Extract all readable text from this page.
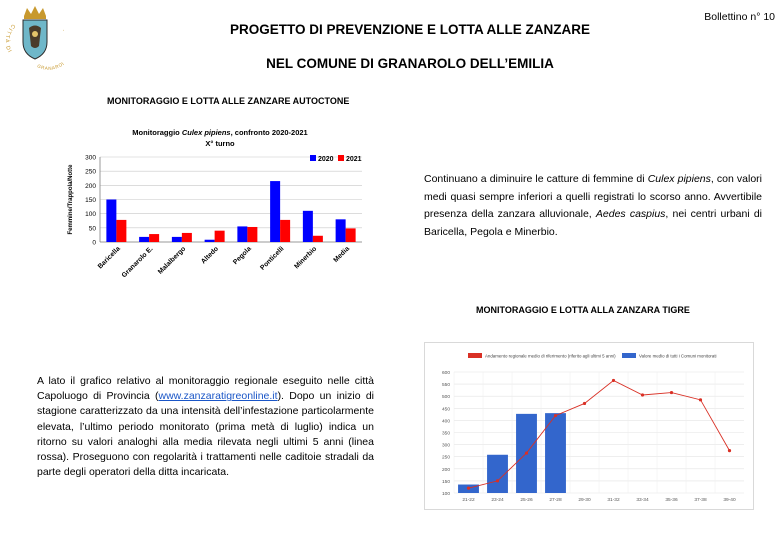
CI I
GRANARO
Bollettino n° 10
PROGETTO DI PREVENZIONE E LOTTA ALLE ZANZARE
NEL COMUNE DI GRANAROLO DELL’EMILIA
MONITORAGGIO E LOTTA ALLE ZANZARE AUTOCTONE
MONITORAGGIO E LOTTA ALLA ZANZARA TIGRE
Monitoraggio Culex pipiens, confronto 2020-2021
X° turno
0
50
100
150
200
250
300
Femmine/Trappola/Notte
Baricella
Granarolo E. Malalbergo Altedo Pegola Ponticelli Minerbio Media
2020 2021
100
150
200
250
300
350
400
450
500
550
600
21-22	23-24	25-26	27-28	29-30	31-32	33-34	35-36	37-38	39-40
Andamento regionale medio di riferimento (riferito agli ultimi 5 anni)	Valore medio di tutti i Comuni monitorati
Continuano a diminuire le catture di femmine di Culex pipiens, con valori medi quasi sempre inferiori a quelli registrati lo scorso anno. Avvertibile presenza della zanzara alluvionale, Aedes caspius, nei centri urbani di Baricella, Pegola e Minerbio.
A lato il grafico relativo al monitoraggio regionale eseguito nelle città Capoluogo di Provincia (www.zanzaratigreonline.it). Dopo un inizio di stagione caratterizzato da una intensità dell’infestazione particolarmente elevata, l’ultimo periodo monitorato (prima metà di luglio) indica un ritorno su valori analoghi alla media rilevata negli ultimi 5 anni (linea rossa). Proseguono con regolarità i trattamenti nelle caditoie stradali da parte degli operatori della ditta incaricata.
